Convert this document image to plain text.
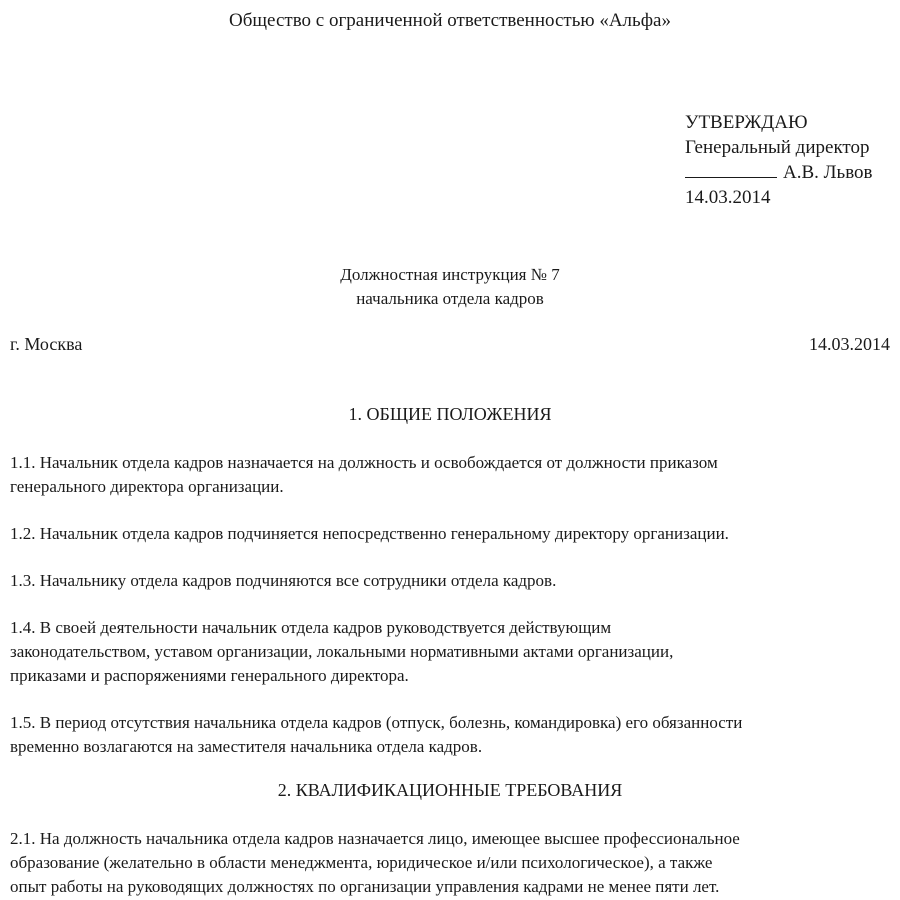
Общество с ограниченной ответственностью «Альфа»
УТВЕРЖДАЮ
Генеральный директор
А.В. Львов
14.03.2014
Должностная инструкция № 7
начальника отдела кадров
г. Москва	14.03.2014
1. ОБЩИЕ ПОЛОЖЕНИЯ
1.1. Начальник отдела кадров назначается на должность и освобождается от должности приказом
генерального директора организации.
1.2. Начальник отдела кадров подчиняется непосредственно генеральному директору организации.
1.3. Начальнику отдела кадров подчиняются все сотрудники отдела кадров.
1.4. В своей деятельности начальник отдела кадров руководствуется действующим
законодательством, уставом организации, локальными нормативными актами организации,
приказами и распоряжениями генерального директора.
1.5. В период отсутствия начальника отдела кадров (отпуск, болезнь, командировка) его обязанности
временно возлагаются на заместителя начальника отдела кадров.
2. КВАЛИФИКАЦИОННЫЕ ТРЕБОВАНИЯ
2.1. На должность начальника отдела кадров назначается лицо, имеющее высшее профессиональное
образование (желательно в области менеджмента, юридическое и/или психологическое), а также
опыт работы на руководящих должностях по организации управления кадрами не менее пяти лет.
